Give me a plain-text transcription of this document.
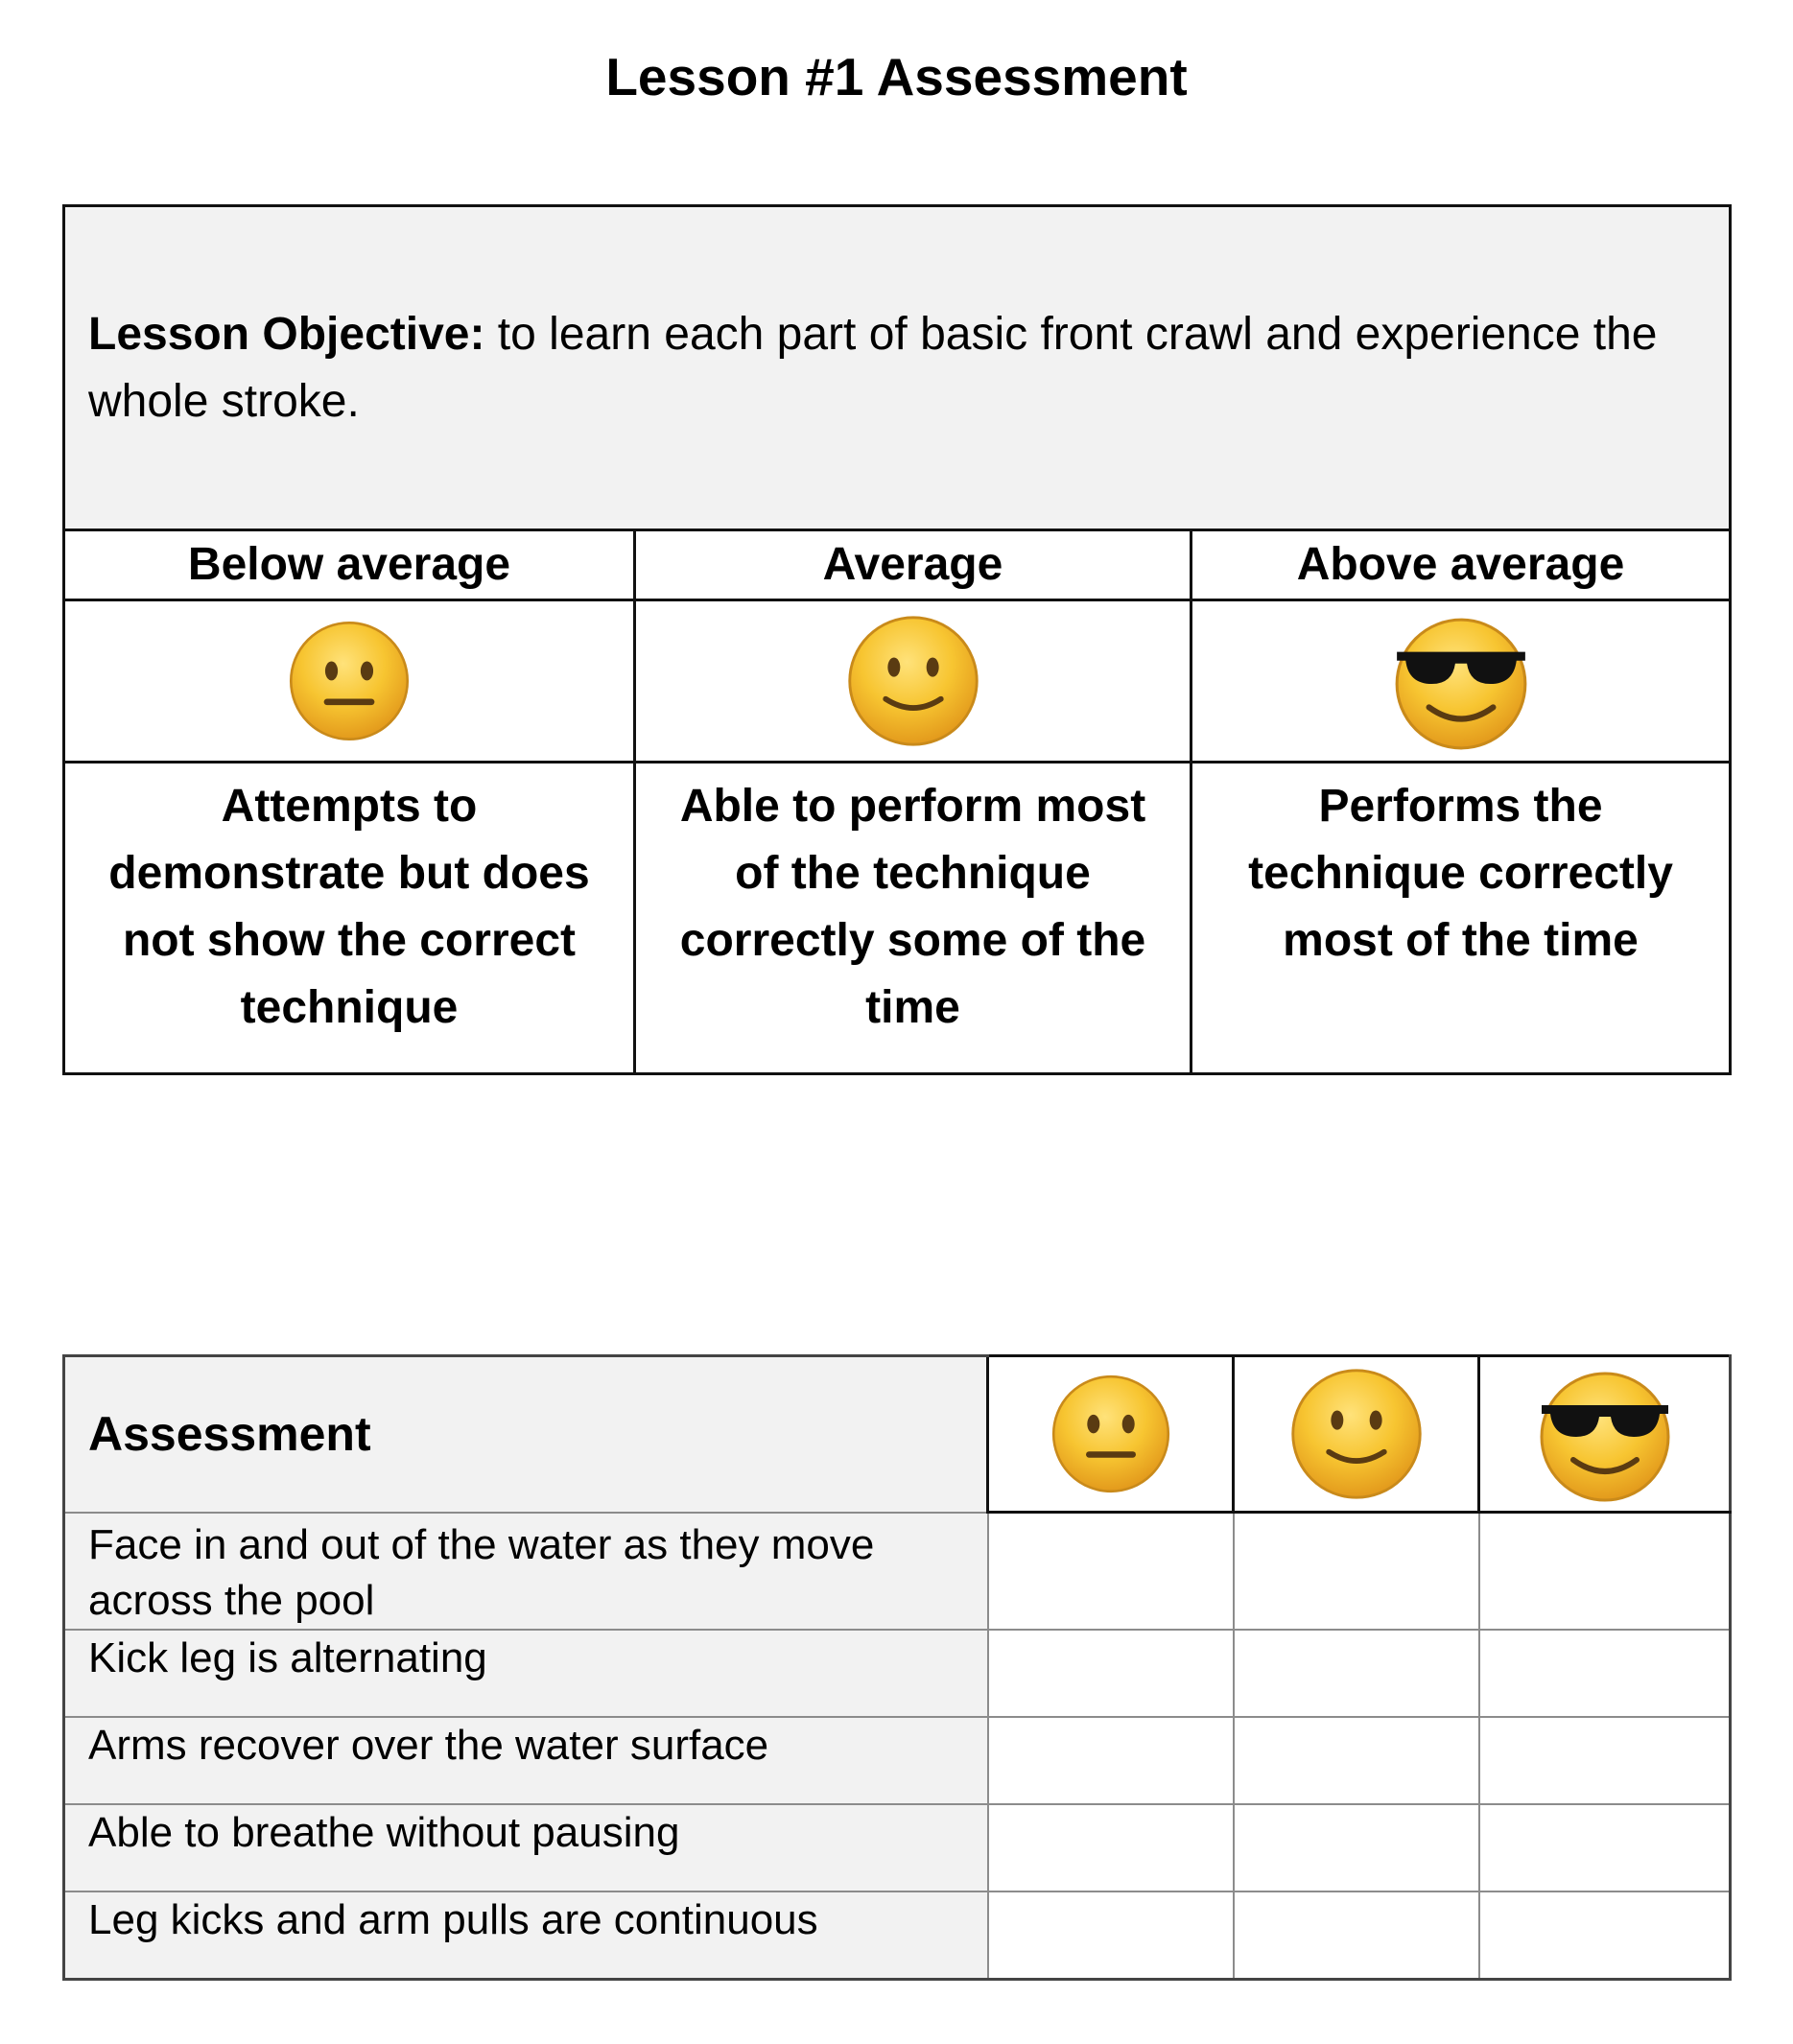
Lesson #1 Assessment
Lesson Objective: to learn each part of basic front crawl and experience the whole stroke.		
Below average	Average	Above average

Attempts to demonstrate but does not show the correct technique	Able to perform most of the technique correctly some of the time	Performs the technique correctly most of the time
Assessment			
Face in and out of the water as they move across the pool			
Kick leg is alternating			
Arms recover over the water surface			
Able to breathe without pausing			
Leg kicks and arm pulls are continuous			
